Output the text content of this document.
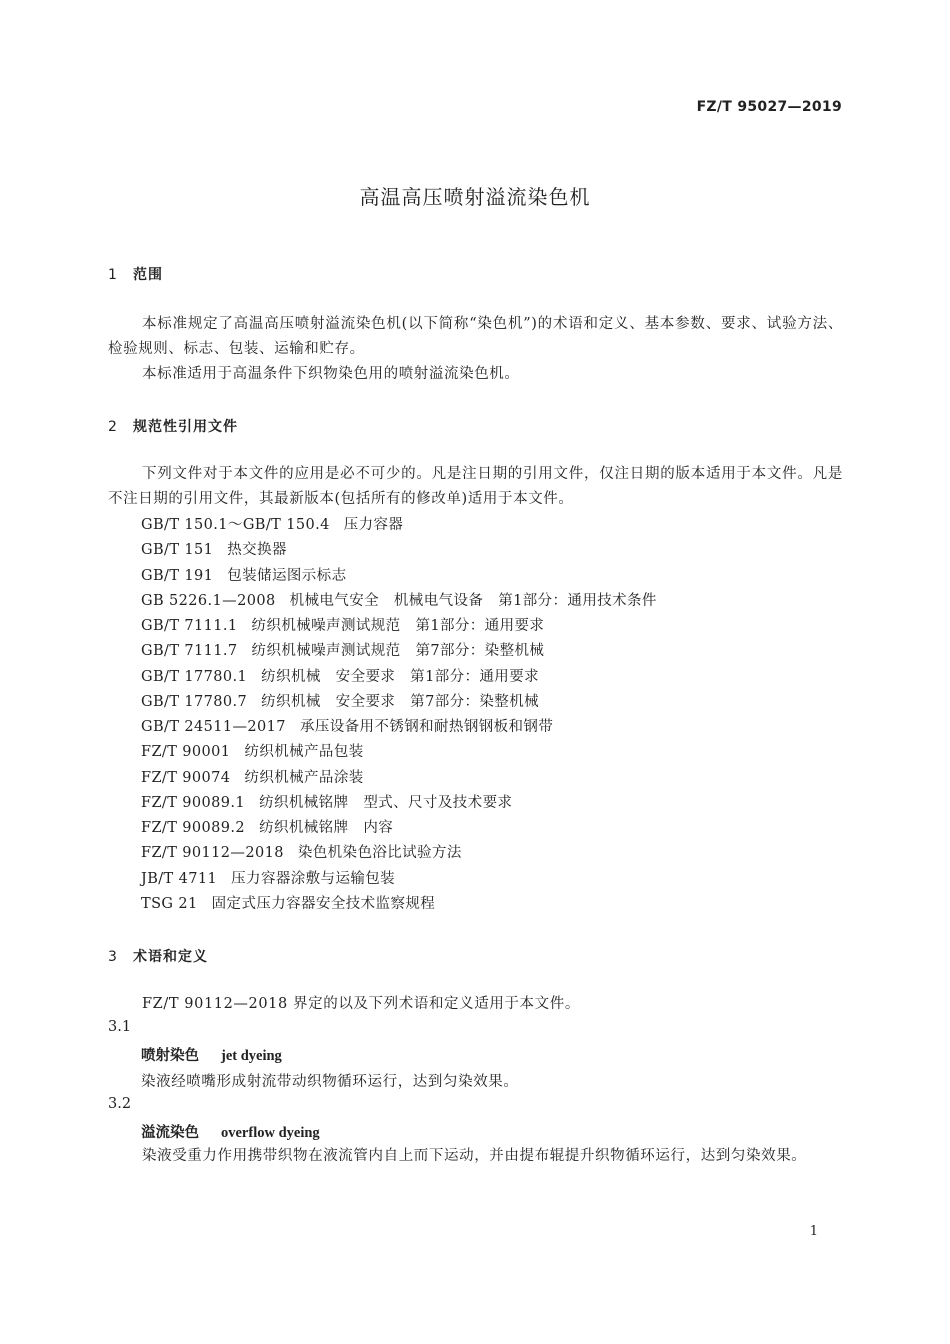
FZ/T 95027—2019
高温高压喷射溢流染色机
1 范围
本标准规定了高温高压喷射溢流染色机(以下简称“染色机”)的术语和定义、基本参数、要求、试验方法、检验规则、标志、包装、运输和贮存。
本标准适用于高温条件下织物染色用的喷射溢流染色机。
2 规范性引用文件
下列文件对于本文件的应用是必不可少的。凡是注日期的引用文件，仅注日期的版本适用于本文件。凡是不注日期的引用文件，其最新版本(包括所有的修改单)适用于本文件。
GB/T 150.1～GB/T 150.4 压力容器
GB/T 151 热交换器
GB/T 191 包装储运图示标志
GB 5226.1—2008 机械电气安全　机械电气设备　第1部分：通用技术条件
GB/T 7111.1 纺织机械噪声测试规范　第1部分：通用要求
GB/T 7111.7 纺织机械噪声测试规范　第7部分：染整机械
GB/T 17780.1 纺织机械　安全要求　第1部分：通用要求
GB/T 17780.7 纺织机械　安全要求　第7部分：染整机械
GB/T 24511—2017 承压设备用不锈钢和耐热钢钢板和钢带
FZ/T 90001 纺织机械产品包装
FZ/T 90074 纺织机械产品涂装
FZ/T 90089.1 纺织机械铭牌　型式、尺寸及技术要求
FZ/T 90089.2 纺织机械铭牌　内容
FZ/T 90112—2018 染色机染色浴比试验方法
JB/T 4711 压力容器涂敷与运输包装
TSG 21 固定式压力容器安全技术监察规程
3 术语和定义
FZ/T 90112—2018 界定的以及下列术语和定义适用于本文件。
3.1
喷射染色 jet dyeing
染液经喷嘴形成射流带动织物循环运行，达到匀染效果。
3.2
溢流染色 overflow dyeing
染液受重力作用携带织物在液流管内自上而下运动，并由提布辊提升织物循环运行，达到匀染效果。
1
